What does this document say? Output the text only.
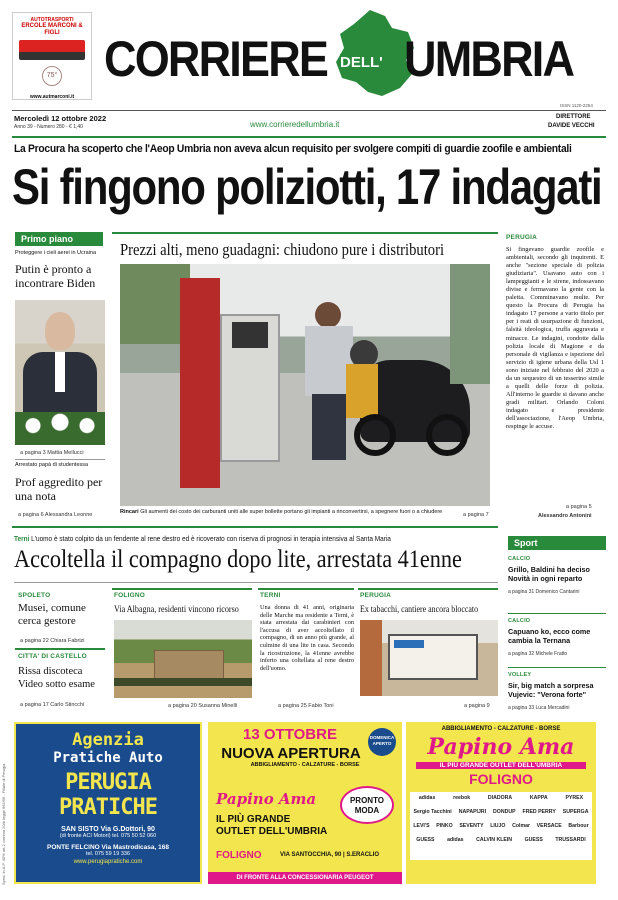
AUTOTRASPORTI
ERCOLE MARCONI & FIGLI
75°
www.autmarconi.it
CORRIERE DELL' UMBRIA
ISSN 1120-2254
Mercoledì 12 ottobre 2022
Anno 39 - Numero 280 - € 1,40	www.corrieredellumbria.it
DIRETTORE
DAVIDE VECCHI
La Procura ha scoperto che l'Aeop Umbria non aveva alcun requisito per svolgere compiti di guardie zoofile e ambientali
Si fingono poliziotti, 17 indagati
Primo piano
Proteggere i cieli aerei in Ucraina
Putin è pronto a incontrare Biden
a pagina 3 Mattia Mellucci
Arrestato papà di studentessa
Prof aggredito per una nota
a pagina 6 Alessandra Leonne
Prezzi alti, meno guadagni: chiudono pure i distributori
Rincari Gli aumenti dei costo dei carburanti uniti alle super bollette portano gli impianti a rinconvertirsi, a spegnere fuori o a chiudere	a pagina 7
PERUGIA
Si fingevano guardie zoofile e ambientali, secondo gli inquirenti. E anche "sezione speciale di polizia giudiziaria". Usavano auto con i lampeggianti e le sirene, indossavano divise e fermavano la gente con la paletta. Comminavano multe. Per questo la Procura di Perugia ha indagato 17 persone a vario titolo per per i reati di usurpazione di funzioni, falsità ideologica, truffa aggravata e minacce. Le indagini, condotte dalla polizia locale di Magione e da personale di vigilanza e ispezione del servizio di igiene urbana della Usl 1 sono iniziate nel febbraio del 2020 a da un sequestro di un tesserino simile a quelli delle forze di polizia. All'interno le guardie si davano anche gradi militari. Orlando Coloni indagato e presidente dell'associazione, l'Aeop Umbria, respinge le accuse.
a pagina 5
Alessandro Antonini
Terni L'uomo è stato colpito da un fendente al rene destro ed è ricoverato con riserva di prognosi in terapia intensiva al Santa Maria
Accoltella il compagno dopo lite, arrestata 41enne
SPOLETO
Musei, comune cerca gestore
a pagina 22 Chiara Fabrizi
CITTA' DI CASTELLO
Rissa discoteca Video sotto esame
a pagina 17 Carlo Stincchi
FOLIGNO
Via Albagna, residenti vincono ricorso
a pagina 20 Susanna Minelli
TERNI
Una donna di 41 anni, originaria delle Marche ma residente a Terni, è stata arrestata dai carabinieri con l'accusa di aver accoltellato il compagno, di un anno più grande, al culmine di una lite in casa. Secondo la ricostruzione, la 41enne avrebbe inferto una coltellata al rene destro dell'uomo.
a pagina 25 Fabio Toni
PERUGIA
Ex tabacchi, cantiere ancora bloccato
a pagina 9
Sport
CALCIO
Grillo, Baldini ha deciso Novità in ogni reparto
a pagina 31 Domenico Cantarini
CALCIO
Capuano ko, ecco come cambia la Ternana
a pagina 32 Michele Fratto
VOLLEY
Sir, big match a sorpresa Vujevic: "Verona forte"
a pagina 33 Luca Mercadini
Sped. in A.P. 45% art.2 comma 20/b legge 662/96 - Filiale di Perugia
Agenzia
Pratiche Auto
PERUGIA
PRATICHE
SAN SISTO Via G.Dottori, 90
(di fronte ACI Motori) tel. 075 50 52 060
PONTE FELCINO Via Mastrodicasa, 168
tel. 075 59 19 336
www.perugiapratiche.com
13 OTTOBRE	DOMENICA APERTO
NUOVA APERTURA
ABBIGLIAMENTO - CALZATURE - BORSE
Papino Ama	PRONTO MODA
IL PIÙ GRANDE
OUTLET DELL'UMBRIA
FOLIGNO	VIA SANTOCCHIA, 90 | S.ERACLIO
DI FRONTE ALLA CONCESSIONARIA PEUGEOT
ABBIGLIAMENTO - CALZATURE - BORSE
Papino Ama
IL PIÙ GRANDE OUTLET DELL'UMBRIA
FOLIGNO
adidas	reebok	DIADORA	KAPPA	PYREX
Sergio Tacchini NAPAPIJRI DONDUP FRED PERRY SUPERGA
LEVI'S PINKO SEVENTY LIUJO Colmar VERSACE Barbour
GUESS adidas CALVIN KLEIN GUESS TRUSSARDI
